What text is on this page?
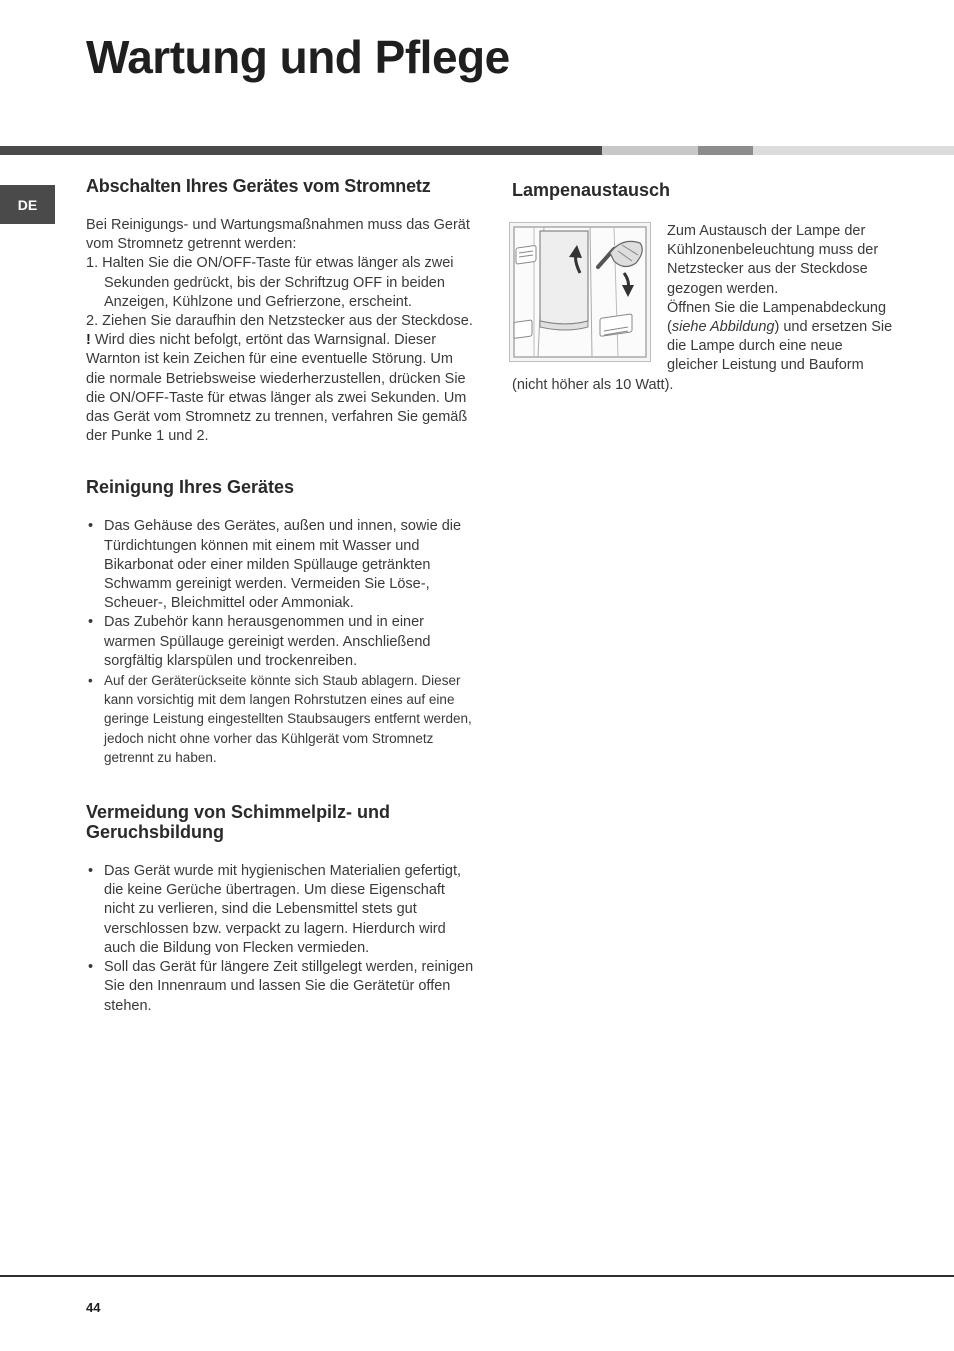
Wartung und Pflege
DE
Abschalten Ihres Gerätes vom Stromnetz

Bei Reinigungs- und Wartungsmaßnahmen muss das Gerät vom Stromnetz getrennt werden:

1. Halten Sie die ON/OFF-Taste für etwas länger als zwei Sekunden gedrückt, bis der Schriftzug OFF in beiden Anzeigen, Kühlzone und Gefrierzone, erscheint.

2. Ziehen Sie daraufhin den Netzstecker aus der Steckdose.

! Wird dies nicht befolgt, ertönt das Warnsignal. Dieser Warnton ist kein Zeichen für eine eventuelle Störung. Um die normale Betriebsweise wiederherzustellen, drücken Sie die ON/OFF-Taste für etwas länger als zwei Sekunden. Um das Gerät vom Stromnetz zu trennen, verfahren Sie gemäß der Punke 1 und 2.

Reinigung Ihres Gerätes
• Das Gehäuse des Gerätes, außen und innen, sowie die Türdichtungen können mit einem mit Wasser und Bikarbonat oder einer milden Spüllauge getränkten Schwamm gereinigt werden. Vermeiden Sie Löse-, Scheuer-, Bleichmittel oder Ammoniak.
• Das Zubehör kann herausgenommen und in einer warmen Spüllauge gereinigt werden. Anschließend sorgfältig klarspülen und trockenreiben.
• Auf der Geräterückseite könnte sich Staub ablagern. Dieser kann vorsichtig mit dem langen Rohrstutzen eines auf eine geringe Leistung eingestellten Staubsaugers entfernt werden, jedoch nicht ohne vorher das Kühlgerät vom Stromnetz getrennt zu haben.
Vermeidung von Schimmelpilz- und Geruchsbildung
• Das Gerät wurde mit hygienischen Materialien gefertigt, die keine Gerüche übertragen. Um diese Eigenschaft nicht zu verlieren, sind die Lebensmittel stets gut verschlossen bzw. verpackt zu lagern. Hierdurch wird auch die Bildung von Flecken vermieden.
• Soll das Gerät für längere Zeit stillgelegt werden, reinigen Sie den Innenraum und lassen Sie die Gerätetür offen stehen.
Lampenaustausch

Zum Austausch der Lampe der Kühlzonenbeleuchtung muss der Netzstecker aus der Steckdose gezogen werden.

Öffnen Sie die Lampenabdeckung (siehe Abbildung) und ersetzen Sie die Lampe durch eine neue gleicher Leistung und Bauform (nicht höher als 10 Watt).

44
